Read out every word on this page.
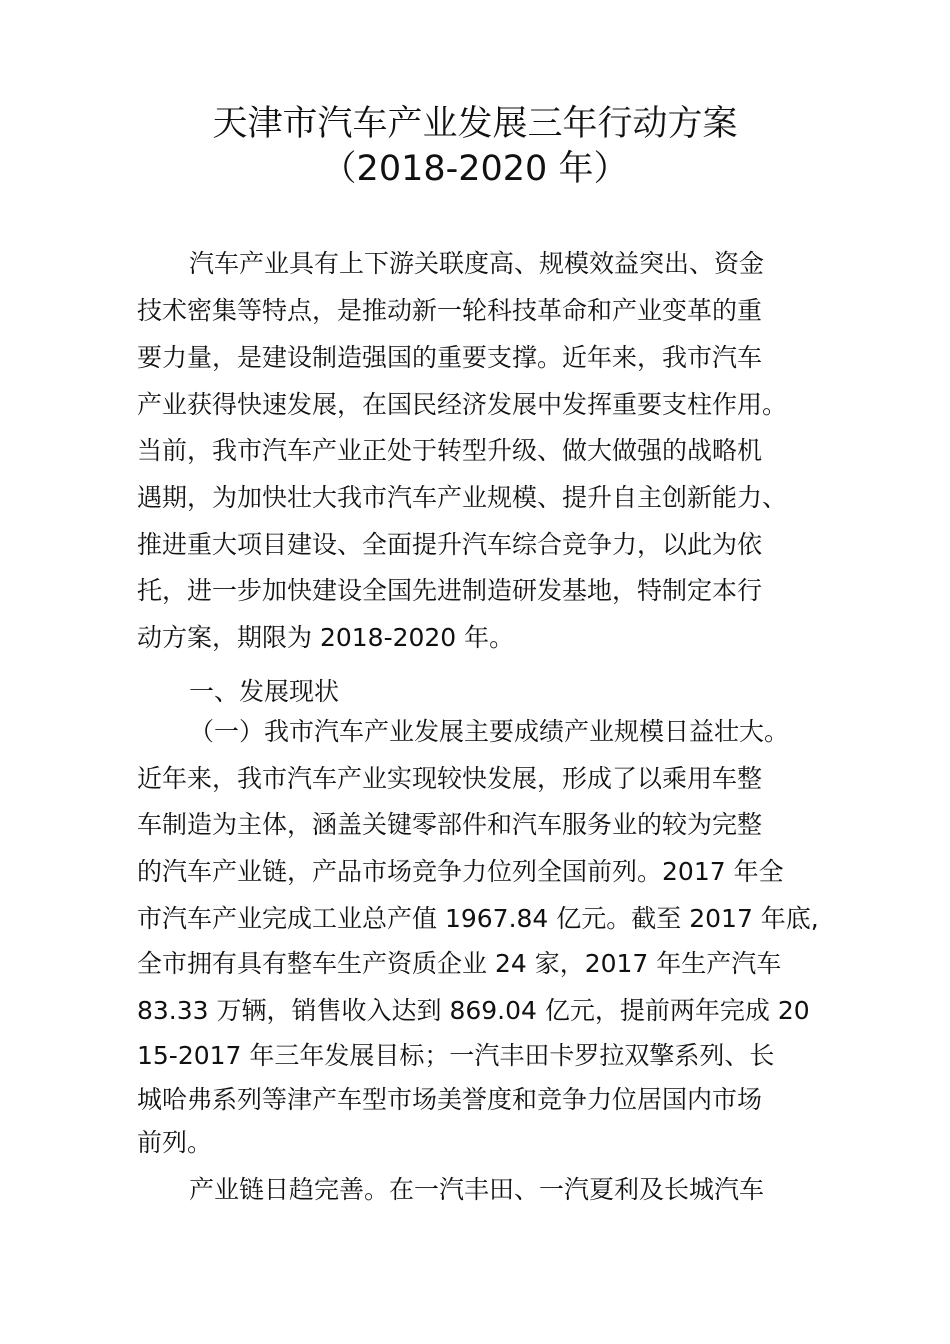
天津市汽车产业发展三年行动方案
（2018-2020 年）

汽车产业具有上下游关联度高、规模效益突出、资金

技术密集等特点，是推动新一轮科技革命和产业变革的重

要力量，是建设制造强国的重要支撑。近年来，我市汽车

产业获得快速发展，在国民经济发展中发挥重要支柱作用。

当前，我市汽车产业正处于转型升级、做大做强的战略机

遇期，为加快壮大我市汽车产业规模、提升自主创新能力、

推进重大项目建设、全面提升汽车综合竞争力，以此为依

托，进一步加快建设全国先进制造研发基地，特制定本行

动方案，期限为 2018-2020 年。

一、发展现状
（一）我市汽车产业发展主要成绩产业规模日益壮大。

近年来，我市汽车产业实现较快发展，形成了以乘用车整

车制造为主体，涵盖关键零部件和汽车服务业的较为完整

的汽车产业链，产品市场竞争力位列全国前列。2017 年全

市汽车产业完成工业总产值 1967.84 亿元。截至 2017 年底,

全市拥有具有整车生产资质企业 24 家，2017 年生产汽车

83.33 万辆，销售收入达到 869.04 亿元，提前两年完成 20

15-2017 年三年发展目标；一汽丰田卡罗拉双擎系列、长

城哈弗系列等津产车型市场美誉度和竞争力位居国内市场

前列。

产业链日趋完善。在一汽丰田、一汽夏利及长城汽车
